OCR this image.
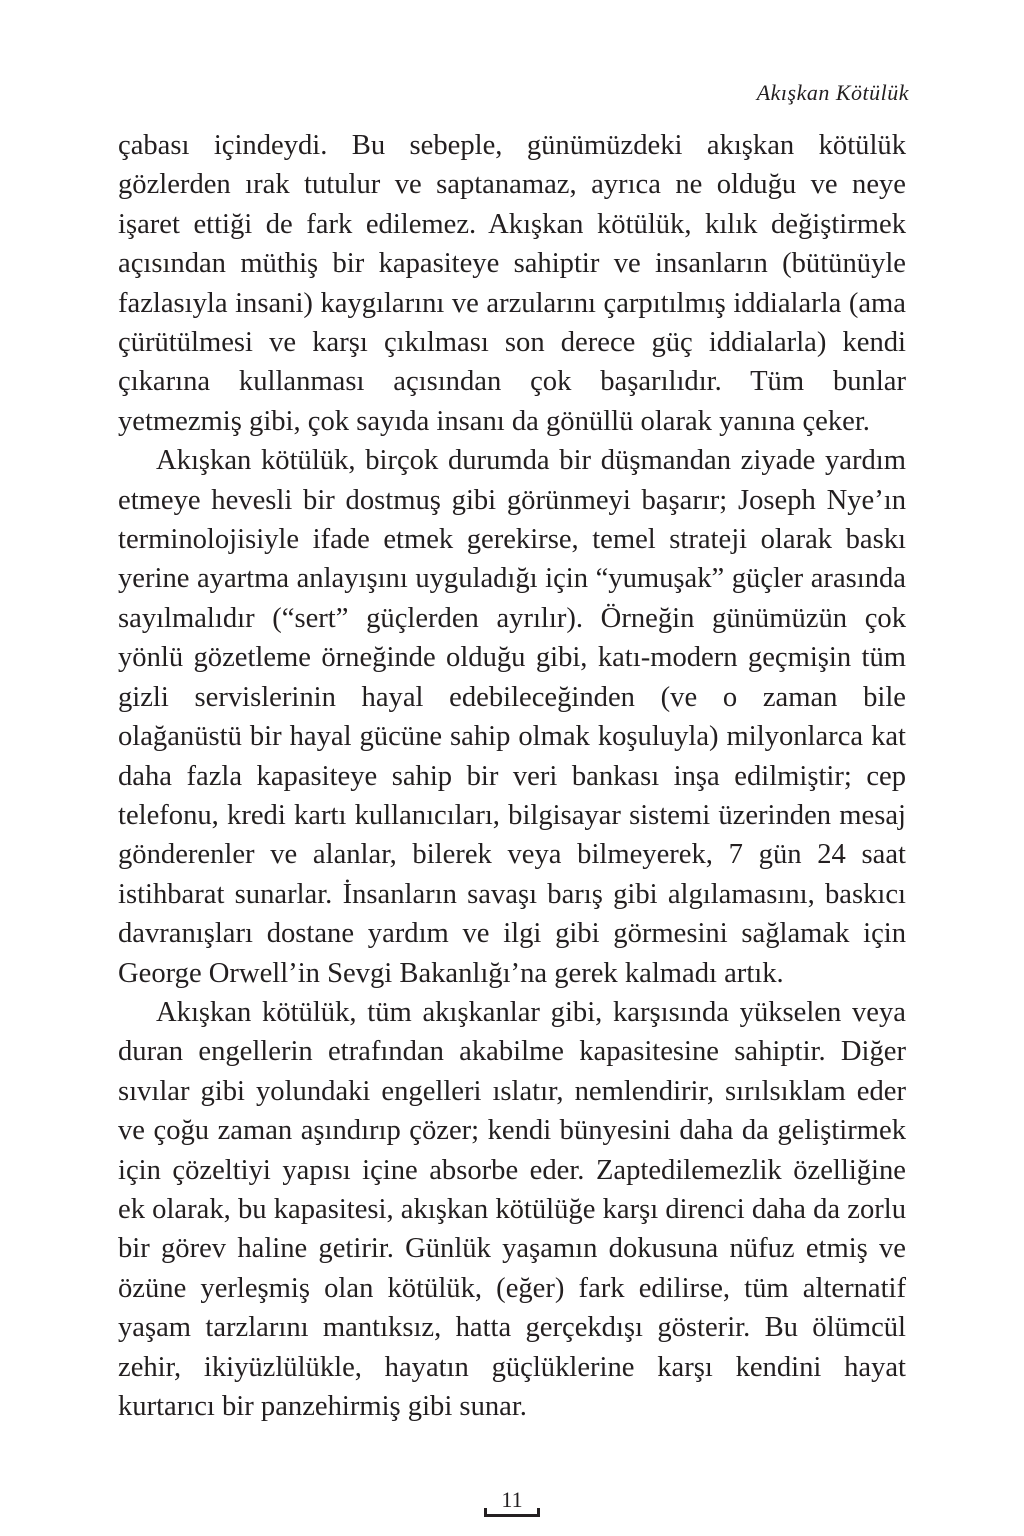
Akışkan Kötülük

çabası içindeydi. Bu sebeple, günümüzdeki akışkan kötülük gözlerden ırak tutulur ve saptanamaz, ayrıca ne olduğu ve neye işaret ettiği de fark edilemez. Akışkan kötülük, kılık değiştirmek açısından müthiş bir kapasiteye sahiptir ve insanların (bütünüyle fazlasıyla insani) kaygılarını ve arzularını çarpıtılmış iddialarla (ama çürütülmesi ve karşı çıkılması son derece güç iddialarla) kendi çıkarına kullanması açısından çok başarılıdır. Tüm bunlar yetmezmiş gibi, çok sayıda insanı da gönüllü olarak yanına çeker.

Akışkan kötülük, birçok durumda bir düşmandan ziyade yardım etmeye hevesli bir dostmuş gibi görünmeyi başarır; Joseph Nye’ın terminolojisiyle ifade etmek gerekirse, temel strateji olarak baskı yerine ayartma anlayışını uyguladığı için “yumuşak” güçler arasında sayılmalıdır (“sert” güçlerden ayrılır). Örneğin günümüzün çok yönlü gözetleme örneğinde olduğu gibi, katı-modern geçmişin tüm gizli servislerinin hayal edebileceğinden (ve o zaman bile olağanüstü bir hayal gücüne sahip olmak koşuluyla) milyonlarca kat daha fazla kapasiteye sahip bir veri bankası inşa edilmiştir; cep telefonu, kredi kartı kullanıcıları, bilgisayar sistemi üzerinden mesaj gönderenler ve alanlar, bilerek veya bilmeyerek, 7 gün 24 saat istihbarat sunarlar. İnsanların savaşı barış gibi algılamasını, baskıcı davranışları dostane yardım ve ilgi gibi görmesini sağlamak için George Orwell’in Sevgi Bakanlığı’na gerek kalmadı artık.

Akışkan kötülük, tüm akışkanlar gibi, karşısında yükselen veya duran engellerin etrafından akabilme kapasitesine sahiptir. Diğer sıvılar gibi yolundaki engelleri ıslatır, nemlendirir, sırılsıklam eder ve çoğu zaman aşındırıp çözer; kendi bünyesini daha da geliştirmek için çözeltiyi yapısı içine absorbe eder. Zaptedilemezlik özelliğine ek olarak, bu kapasitesi, akışkan kötülüğe karşı direnci daha da zorlu bir görev haline getirir. Günlük yaşamın dokusuna nüfuz etmiş ve özüne yerleşmiş olan kötülük, (eğer) fark edilirse, tüm alternatif yaşam tarzlarını mantıksız, hatta gerçekdışı gösterir. Bu ölümcül zehir, ikiyüzlülükle, hayatın güçlüklerine karşı kendini hayat kurtarıcı bir panzehirmiş gibi sunar.

11
